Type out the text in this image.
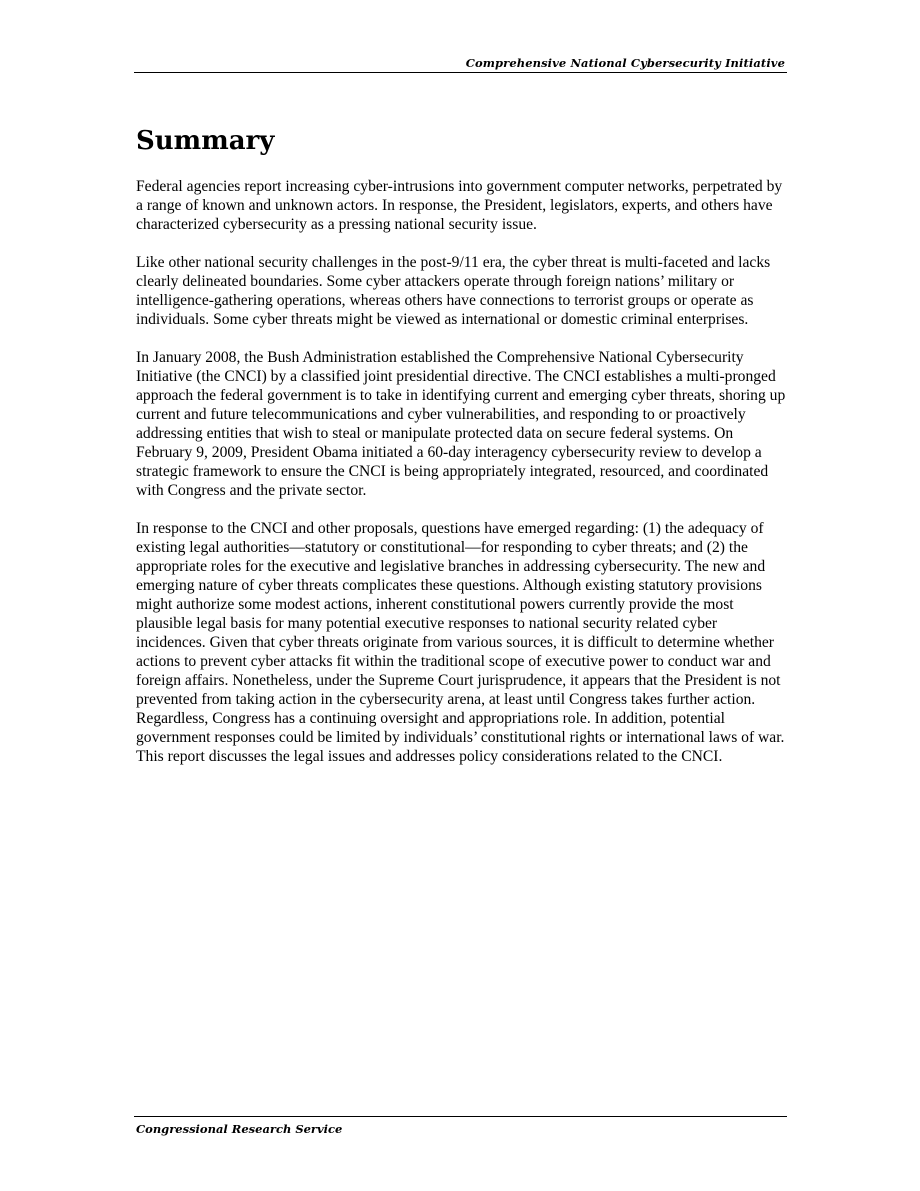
Comprehensive National Cybersecurity Initiative
Summary

Federal agencies report increasing cyber-intrusions into government computer networks, perpetrated by a range of known and unknown actors. In response, the President, legislators, experts, and others have characterized cybersecurity as a pressing national security issue.

Like other national security challenges in the post-9/11 era, the cyber threat is multi-faceted and lacks clearly delineated boundaries. Some cyber attackers operate through foreign nations’ military or intelligence-gathering operations, whereas others have connections to terrorist groups or operate as individuals. Some cyber threats might be viewed as international or domestic criminal enterprises.

In January 2008, the Bush Administration established the Comprehensive National Cybersecurity Initiative (the CNCI) by a classified joint presidential directive. The CNCI establishes a multi-pronged approach the federal government is to take in identifying current and emerging cyber threats, shoring up current and future telecommunications and cyber vulnerabilities, and responding to or proactively addressing entities that wish to steal or manipulate protected data on secure federal systems. On February 9, 2009, President Obama initiated a 60-day interagency cybersecurity review to develop a strategic framework to ensure the CNCI is being appropriately integrated, resourced, and coordinated with Congress and the private sector.

In response to the CNCI and other proposals, questions have emerged regarding: (1) the adequacy of existing legal authorities—statutory or constitutional—for responding to cyber threats; and (2) the appropriate roles for the executive and legislative branches in addressing cybersecurity. The new and emerging nature of cyber threats complicates these questions. Although existing statutory provisions might authorize some modest actions, inherent constitutional powers currently provide the most plausible legal basis for many potential executive responses to national security related cyber incidences. Given that cyber threats originate from various sources, it is difficult to determine whether actions to prevent cyber attacks fit within the traditional scope of executive power to conduct war and foreign affairs. Nonetheless, under the Supreme Court jurisprudence, it appears that the President is not prevented from taking action in the cybersecurity arena, at least until Congress takes further action. Regardless, Congress has a continuing oversight and appropriations role. In addition, potential government responses could be limited by individuals’ constitutional rights or international laws of war. This report discusses the legal issues and addresses policy considerations related to the CNCI.

Congressional Research Service
